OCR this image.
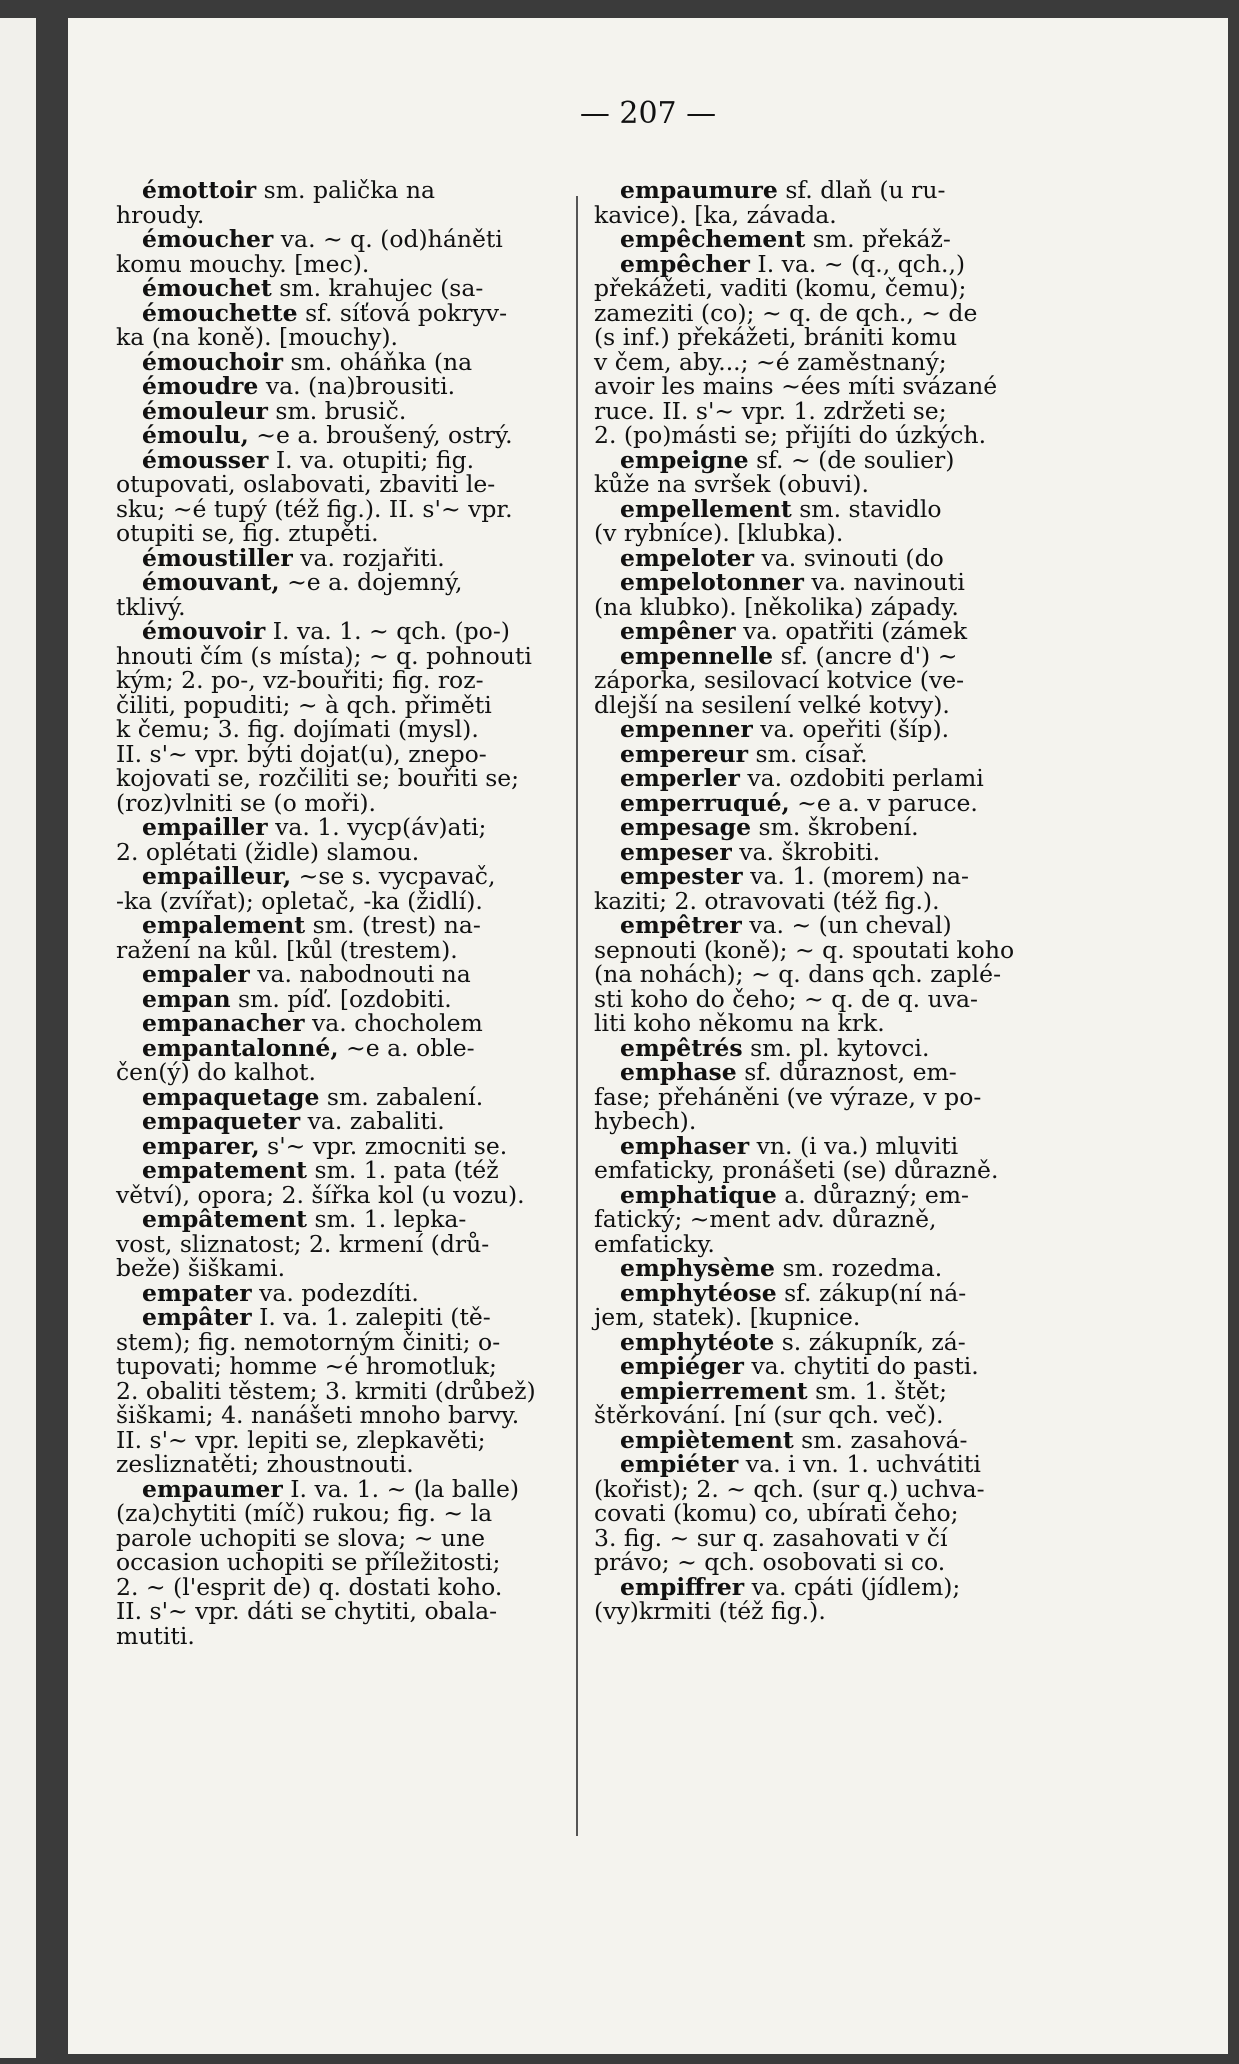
— 207 —
émottoir sm. palička na
hroudy.
émoucher va. ~ q. (od)háněti
komu mouchy. [mec).
émouchet sm. krahujec (sa-
émouchette sf. síťová pokryv-
ka (na koně). [mouchy).
émouchoir sm. oháňka (na
émoudre va. (na)brousiti.
émouleur sm. brusič.
émoulu, ~e a. broušený, ostrý.
émousser I. va. otupiti; fig.
otupovati, oslabovati, zbaviti le-
sku; ~é tupý (též fig.). II. s'~ vpr.
otupiti se, fig. ztupěti.
émoustiller va. rozjařiti.
émouvant, ~e a. dojemný,
tklivý.
émouvoir I. va. 1. ~ qch. (po-)
hnouti čím (s místa); ~ q. pohnouti
kým; 2. po-, vz-bouřiti; fig. roz-
čiliti, popuditi; ~ à qch. přiměti
k čemu; 3. fig. dojímati (mysl).
II. s'~ vpr. býti dojat(u), znepo-
kojovati se, rozčiliti se; bouřiti se;
(roz)vlniti se (o moři).
empailler va. 1. vycp(áv)ati;
2. oplétati (židle) slamou.
empailleur, ~se s. vycpavač,
-ka (zvířat); opletač, -ka (židlí).
empalement sm. (trest) na-
ražení na kůl. [kůl (trestem).
empaler va. nabodnouti na
empan sm. píď. [ozdobiti.
empanacher va. chocholem
empantalonné, ~e a. oble-
čen(ý) do kalhot.
empaquetage sm. zabalení.
empaqueter va. zabaliti.
emparer, s'~ vpr. zmocniti se.
empatement sm. 1. pata (též
větví), opora; 2. šířka kol (u vozu).
empâtement sm. 1. lepka-
vost, sliznatost; 2. krmení (drů-
beže) šiškami.
empater va. podezdíti.
empâter I. va. 1. zalepiti (tě-
stem); fig. nemotorným činiti; o-
tupovati; homme ~é hromotluk;
2. obaliti těstem; 3. krmiti (drůbež)
šiškami; 4. nanášeti mnoho barvy.
II. s'~ vpr. lepiti se, zlepkavěti;
zesliznatěti; zhoustnouti.
empaumer I. va. 1. ~ (la balle)
(za)chytiti (míč) rukou; fig. ~ la
parole uchopiti se slova; ~ une
occasion uchopiti se příležitosti;
2. ~ (l'esprit de) q. dostati koho.
II. s'~ vpr. dáti se chytiti, obala-
mutiti.
empaumure sf. dlaň (u ru-
kavice). [ka, závada.
empêchement sm. překáž-
empêcher I. va. ~ (q., qch.,)
překážeti, vaditi (komu, čemu);
zameziti (co); ~ q. de qch., ~ de
(s inf.) překážeti, brániti komu
v čem, aby...; ~é zaměstnaný;
avoir les mains ~ées míti svázané
ruce. II. s'~ vpr. 1. zdržeti se;
2. (po)másti se; přijíti do úzkých.
empeigne sf. ~ (de soulier)
kůže na svršek (obuvi).
empellement sm. stavidlo
(v rybníce). [klubka).
empeloter va. svinouti (do
empelotonner va. navinouti
(na klubko). [několika) západy.
empêner va. opatřiti (zámek
empennelle sf. (ancre d') ~
záporka, sesilovací kotvice (ve-
dlejší na sesilení velké kotvy).
empenner va. opeřiti (šíp).
empereur sm. císař.
emperler va. ozdobiti perlami
emperruqué, ~e a. v paruce.
empesage sm. škrobení.
empeser va. škrobiti.
empester va. 1. (morem) na-
kaziti; 2. otravovati (též fig.).
empêtrer va. ~ (un cheval)
sepnouti (koně); ~ q. spoutati koho
(na nohách); ~ q. dans qch. zaplé-
sti koho do čeho; ~ q. de q. uva-
liti koho někomu na krk.
empêtrés sm. pl. kytovci.
emphase sf. důraznost, em-
fase; přeháněni (ve výraze, v po-
hybech).
emphaser vn. (i va.) mluviti
emfaticky, pronášeti (se) důrazně.
emphatique a. důrazný; em-
fatický; ~ment adv. důrazně,
emfaticky.
emphysème sm. rozedma.
emphytéose sf. zákup(ní ná-
jem, statek). [kupnice.
emphytéote s. zákupník, zá-
empiéger va. chytiti do pasti.
empierrement sm. 1. štět;
štěrkování. [ní (sur qch. več).
empiètement sm. zasahová-
empiéter va. i vn. 1. uchvátiti
(kořist); 2. ~ qch. (sur q.) uchva-
covati (komu) co, ubírati čeho;
3. fig. ~ sur q. zasahovati v čí
právo; ~ qch. osobovati si co.
empiffrer va. cpáti (jídlem);
(vy)krmiti (též fig.).
